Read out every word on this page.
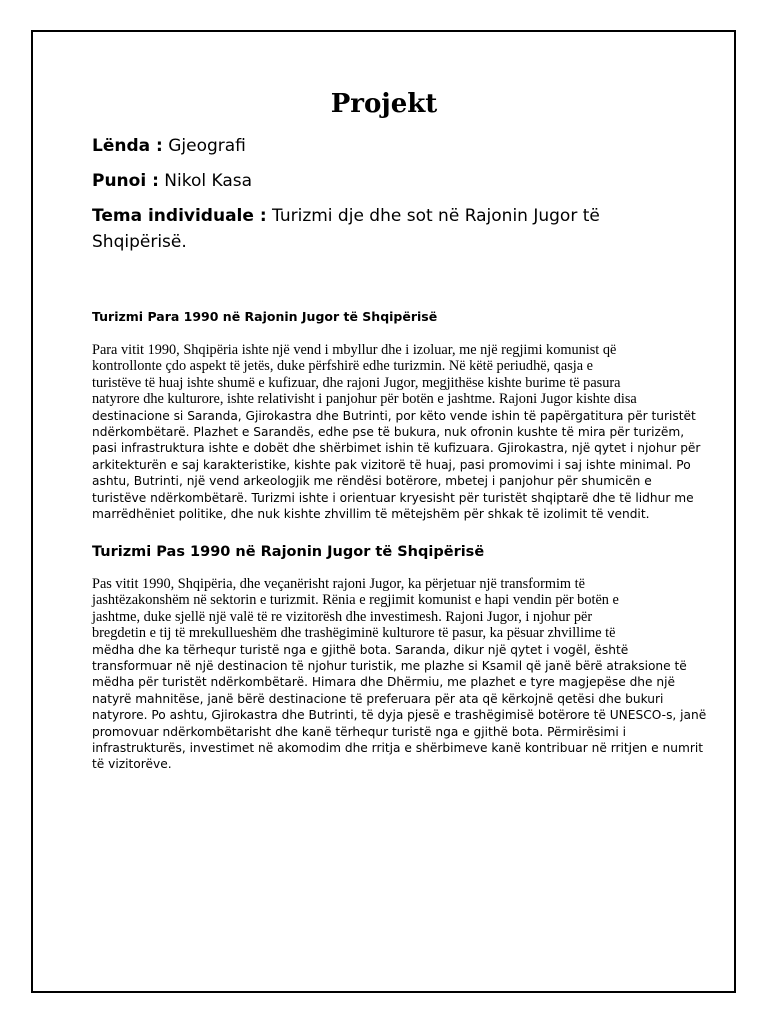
Projekt
Lënda : Gjeografi
Punoi : Nikol Kasa
Tema individuale : Turizmi dje dhe sot në Rajonin Jugor të
Shqipërisë.
Turizmi Para 1990 në Rajonin Jugor të Shqipërisë
Para vitit 1990, Shqipëria ishte një vend i mbyllur dhe i izoluar, me një regjimi komunist që
kontrollonte çdo aspekt të jetës, duke përfshirë edhe turizmin. Në këtë periudhë, qasja e
turistëve të huaj ishte shumë e kufizuar, dhe rajoni Jugor, megjithëse kishte burime të pasura
natyrore dhe kulturore, ishte relativisht i panjohur për botën e jashtme. Rajoni Jugor kishte disa
destinacione si Saranda, Gjirokastra dhe Butrinti, por këto vende ishin të papërgatitura për turistët
ndërkombëtarë. Plazhet e Sarandës, edhe pse të bukura, nuk ofronin kushte të mira për turizëm,
pasi infrastruktura ishte e dobët dhe shërbimet ishin të kufizuara. Gjirokastra, një qytet i njohur për
arkitekturën e saj karakteristike, kishte pak vizitorë të huaj, pasi promovimi i saj ishte minimal. Po
ashtu, Butrinti, një vend arkeologjik me rëndësi botërore, mbetej i panjohur për shumicën e
turistëve ndërkombëtarë. Turizmi ishte i orientuar kryesisht për turistët shqiptarë dhe të lidhur me
marrëdhëniet politike, dhe nuk kishte zhvillim të mëtejshëm për shkak të izolimit të vendit.
Turizmi Pas 1990 në Rajonin Jugor të Shqipërisë
Pas vitit 1990, Shqipëria, dhe veçanërisht rajoni Jugor, ka përjetuar një transformim të
jashtëzakonshëm në sektorin e turizmit. Rënia e regjimit komunist e hapi vendin për botën e
jashtme, duke sjellë një valë të re vizitorësh dhe investimesh. Rajoni Jugor, i njohur për
bregdetin e tij të mrekullueshëm dhe trashëgiminë kulturore të pasur, ka pësuar zhvillime të
mëdha dhe ka tërhequr turistë nga e gjithë bota. Saranda, dikur një qytet i vogël, është
transformuar në një destinacion të njohur turistik, me plazhe si Ksamil që janë bërë atraksione të
mëdha për turistët ndërkombëtarë. Himara dhe Dhërmiu, me plazhet e tyre magjepëse dhe një
natyrë mahnitëse, janë bërë destinacione të preferuara për ata që kërkojnë qetësi dhe bukuri
natyrore. Po ashtu, Gjirokastra dhe Butrinti, të dyja pjesë e trashëgimisë botërore të UNESCO-s, janë
promovuar ndërkombëtarisht dhe kanë tërhequr turistë nga e gjithë bota. Përmirësimi i
infrastrukturës, investimet në akomodim dhe rritja e shërbimeve kanë kontribuar në rritjen e numrit
të vizitorëve.
